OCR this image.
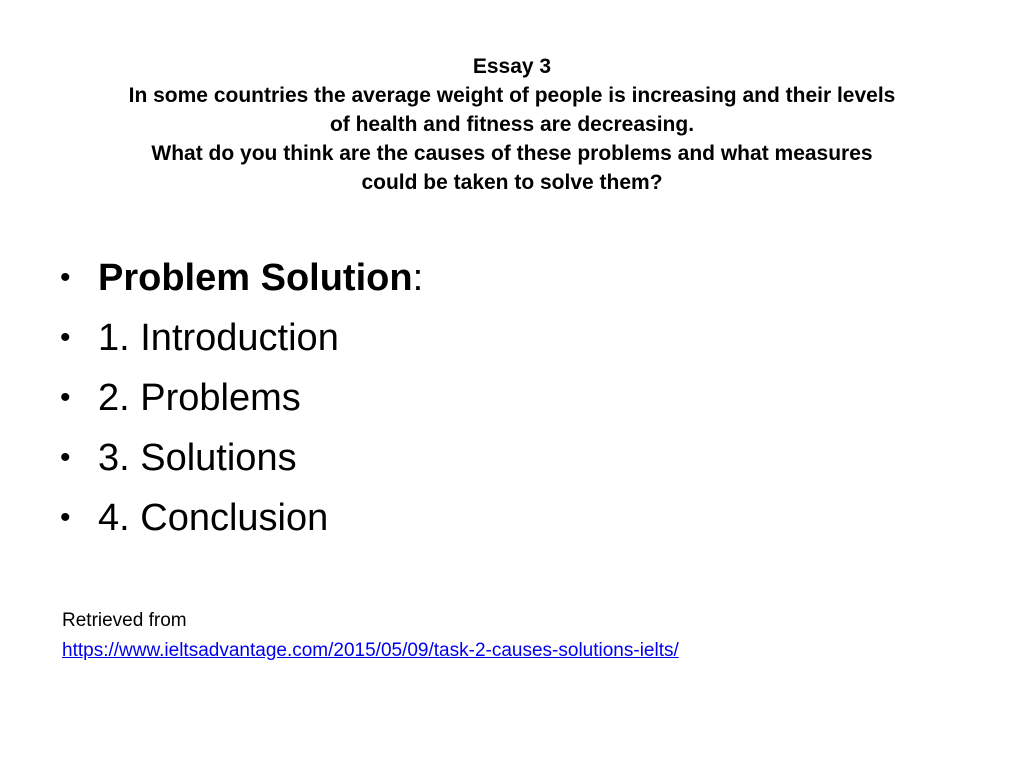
Essay 3
In some countries the average weight of people is increasing and their levels
of health and fitness are decreasing.
What do you think are the causes of these problems and what measures
could be taken to solve them?
• Problem Solution:
• 1. Introduction
• 2. Problems
• 3. Solutions
• 4. Conclusion
Retrieved from
https://www.ieltsadvantage.com/2015/05/09/task-2-causes-solutions-ielts/
